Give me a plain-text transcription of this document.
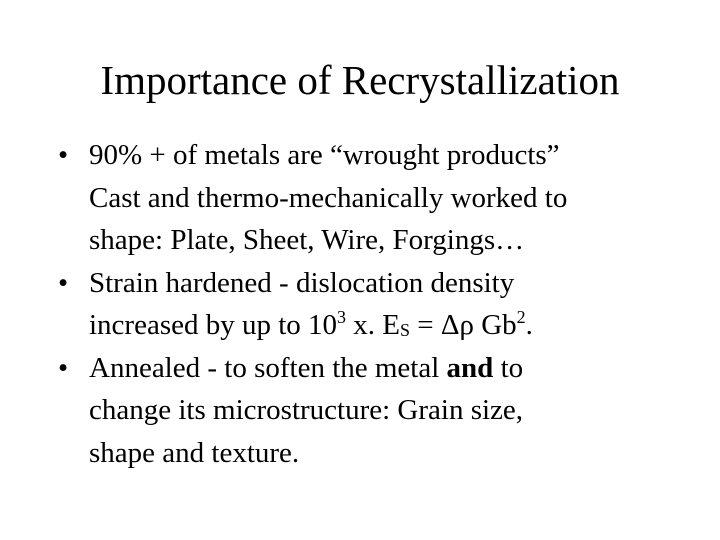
Importance of Recrystallization
• 90% + of metals are “wrought products”
Cast and thermo-mechanically worked to
shape: Plate, Sheet, Wire, Forgings…
• Strain hardened - dislocation density
increased by up to $10^3$ x. $E_S = \Delta\rho$ Gb$^2$.
• Annealed - to soften the metal and to
change its microstructure: Grain size,
shape and texture.
